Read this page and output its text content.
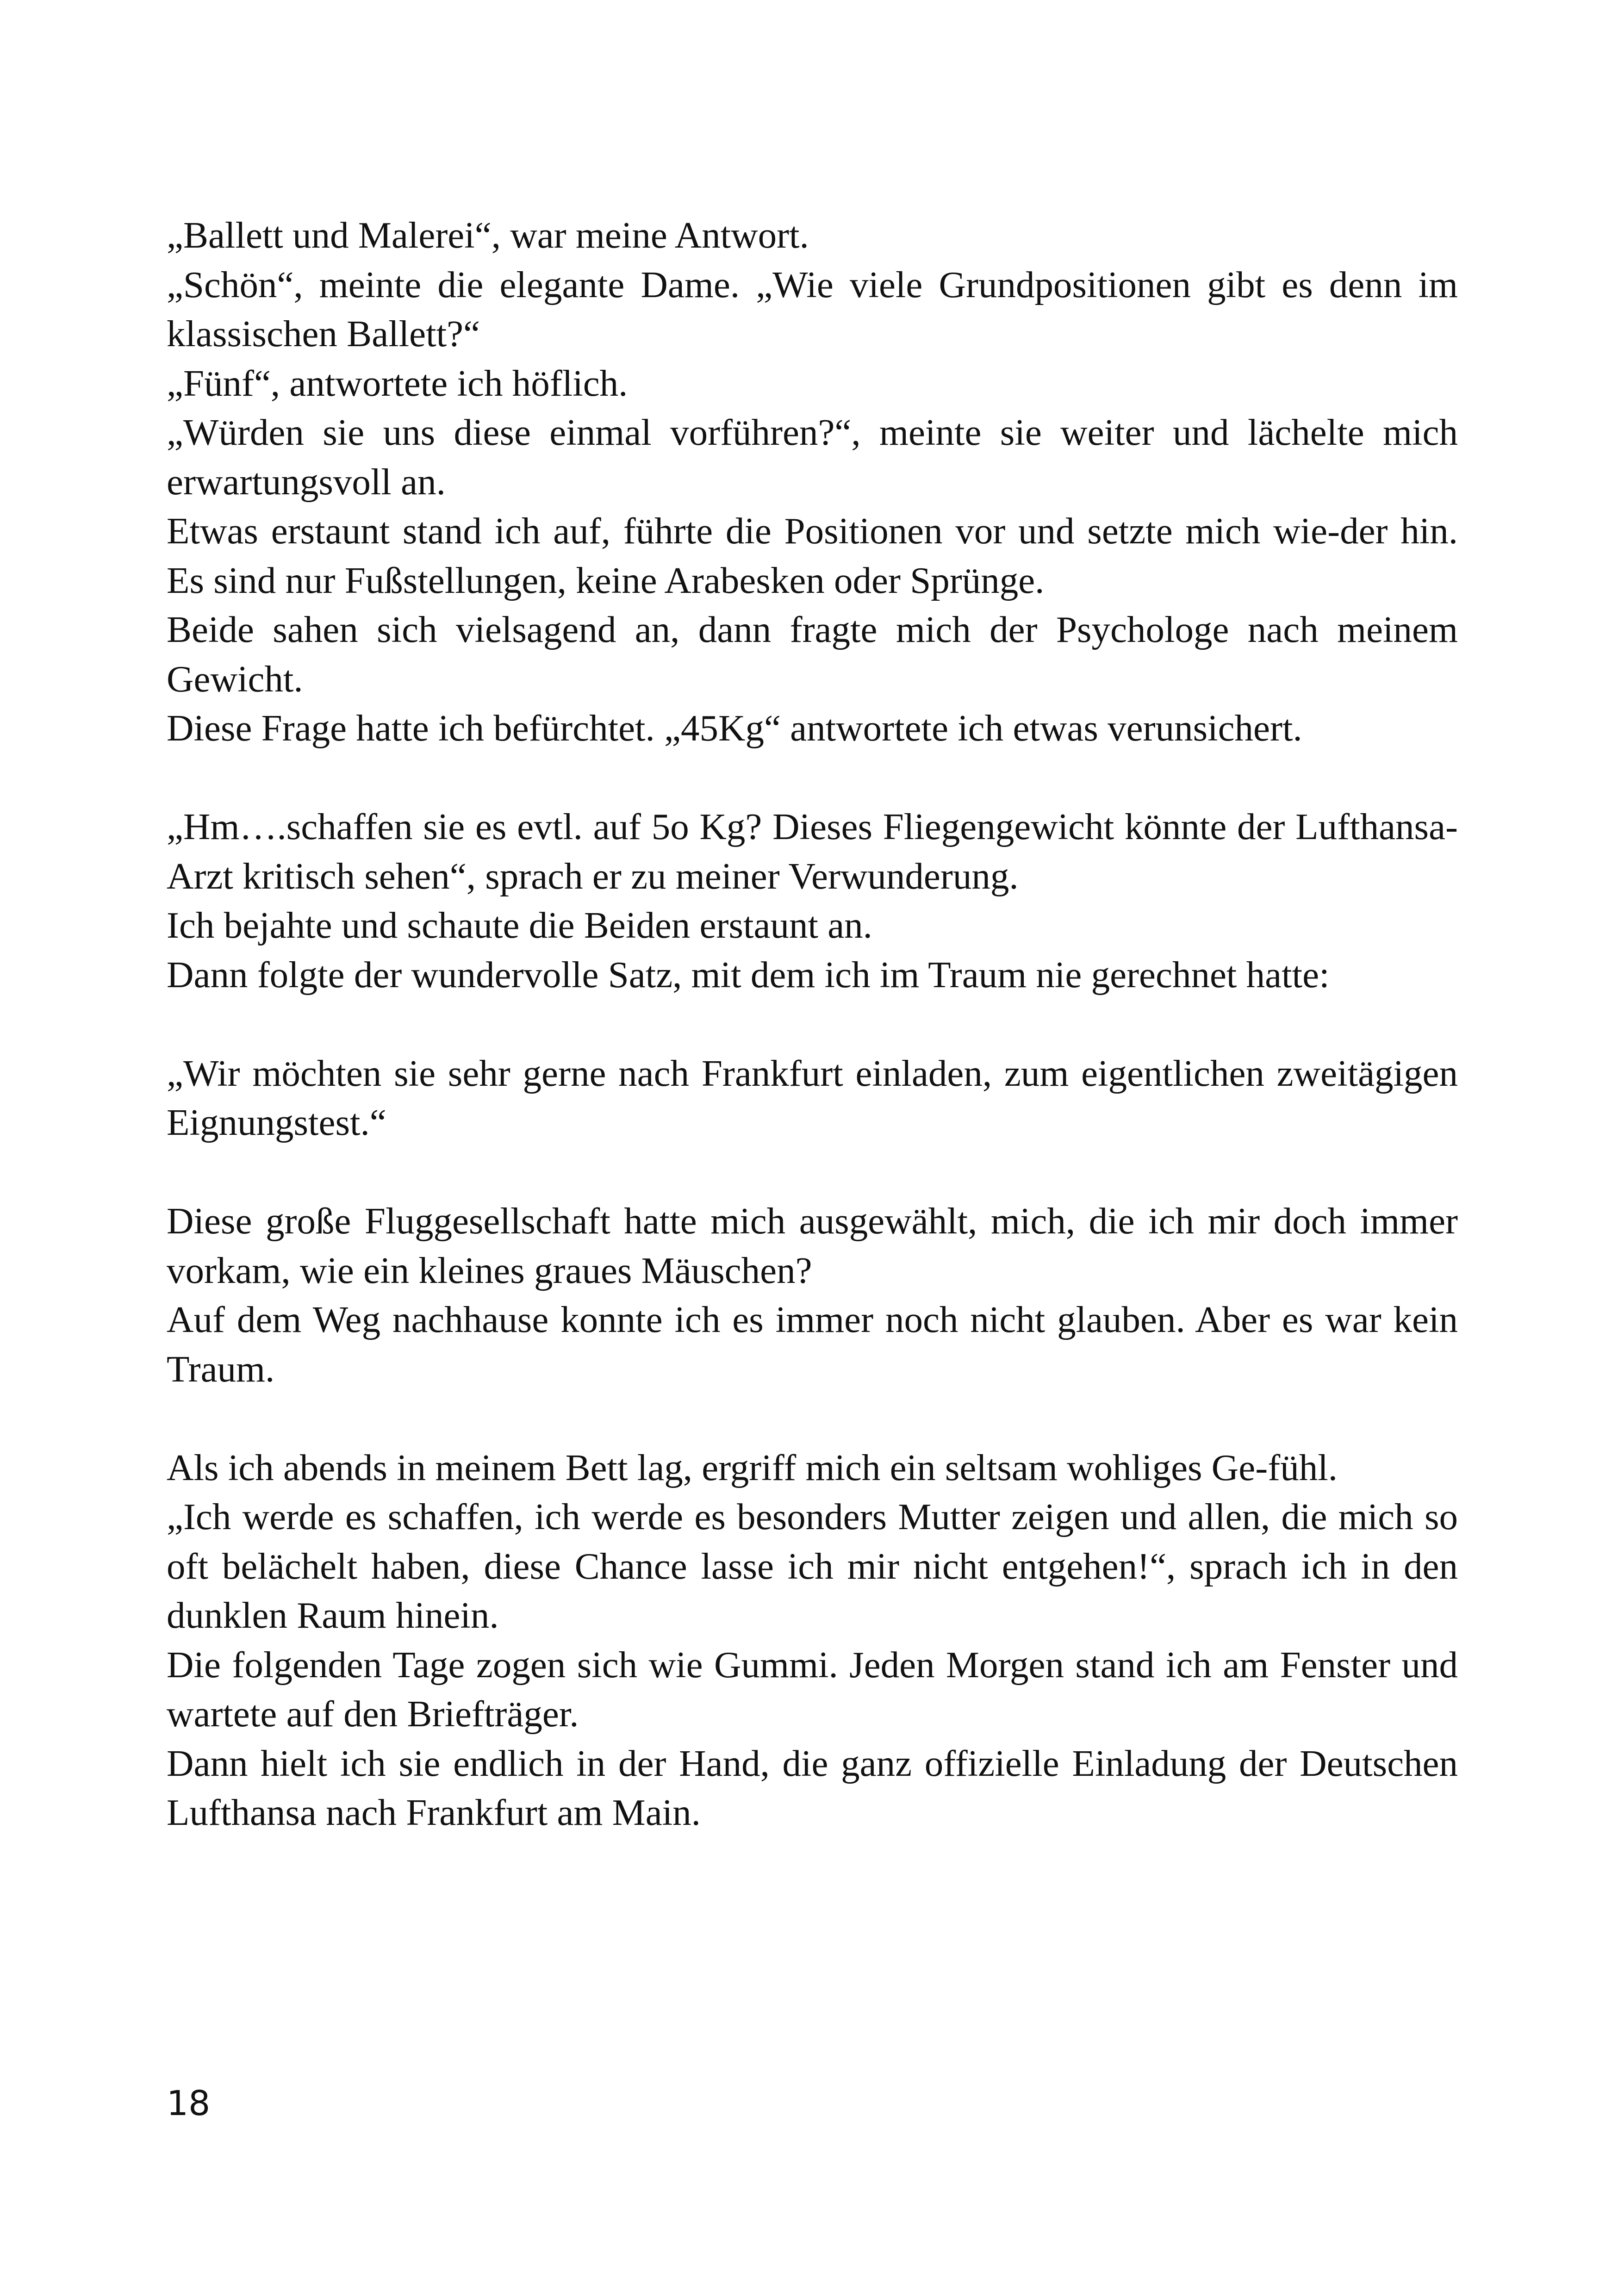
„Ballett und Malerei“, war meine Antwort.

„Schön“, meinte die elegante Dame. „Wie viele Grundpositionen gibt es denn im klassischen Ballett?“

„Fünf“, antwortete ich höflich.

„Würden sie uns diese einmal vorführen?“, meinte sie weiter und lächelte mich erwartungsvoll an.

Etwas erstaunt stand ich auf, führte die Positionen vor und setzte mich wie-der hin. Es sind nur Fußstellungen, keine Arabesken oder Sprünge.

Beide sahen sich vielsagend an, dann fragte mich der Psychologe nach meinem Gewicht.

Diese Frage hatte ich befürchtet. „45Kg“ antwortete ich etwas verunsichert.

„Hm….schaffen sie es evtl. auf 5o Kg? Dieses Fliegengewicht könnte der Lufthansa-Arzt kritisch sehen“, sprach er zu meiner Verwunderung.

Ich bejahte und schaute die Beiden erstaunt an.

Dann folgte der wundervolle Satz, mit dem ich im Traum nie gerechnet hatte:

„Wir möchten sie sehr gerne nach Frankfurt einladen, zum eigentlichen zweitägigen Eignungstest.“

Diese große Fluggesellschaft hatte mich ausgewählt, mich, die ich mir doch immer vorkam, wie ein kleines graues Mäuschen?

Auf dem Weg nachhause konnte ich es immer noch nicht glauben. Aber es war kein Traum.

Als ich abends in meinem Bett lag, ergriff mich ein seltsam wohliges Ge-fühl.

„Ich werde es schaffen, ich werde es besonders Mutter zeigen und allen, die mich so oft belächelt haben, diese Chance lasse ich mir nicht entgehen!“, sprach ich in den dunklen Raum hinein.

Die folgenden Tage zogen sich wie Gummi. Jeden Morgen stand ich am Fenster und wartete auf den Briefträger.

Dann hielt ich sie endlich in der Hand, die ganz offizielle Einladung der Deutschen Lufthansa nach Frankfurt am Main.

18
